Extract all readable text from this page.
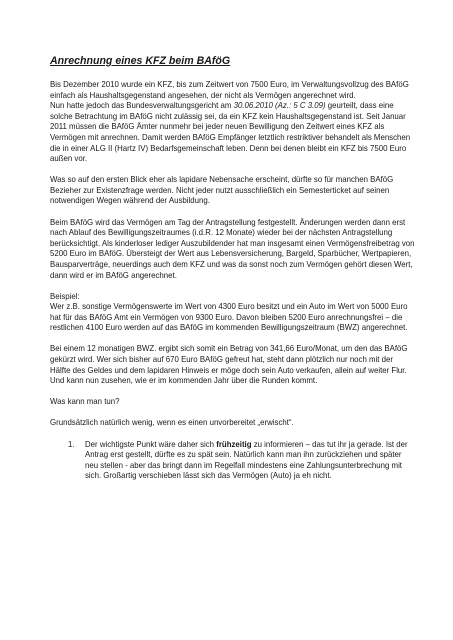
Anrechnung eines KFZ beim BAföG

Bis Dezember 2010 wurde ein KFZ, bis zum Zeitwert von 7500 Euro, im Verwaltungsvollzug des BAföG einfach als Haushaltsgegenstand angesehen, der nicht als Vermögen angerechnet wird.
Nun hatte jedoch das Bundesverwaltungsgericht am 30.06.2010 (Az.: 5 C 3.09) geurteilt, dass eine solche Betrachtung im BAföG nicht zulässig sei, da ein KFZ kein Haushaltsgegenstand ist. Seit Januar 2011 müssen die BAföG Ämter nunmehr bei jeder neuen Bewilligung den Zeitwert eines KFZ als Vermögen mit anrechnen. Damit werden BAföG Empfänger letztlich restriktiver behandelt als Menschen die in einer ALG II (Hartz IV) Bedarfsgemeinschaft leben. Denn bei denen bleibt ein KFZ bis 7500 Euro außen vor.

Was so auf den ersten Blick eher als lapidare Nebensache erscheint, dürfte so für manchen BAföG Bezieher zur Existenzfrage werden. Nicht jeder nutzt ausschließlich ein Semesterticket auf seinen notwendigen Wegen während der Ausbildung.

Beim BAföG wird das Vermögen am Tag der Antragstellung festgestellt. Änderungen werden dann erst nach Ablauf des Bewilligungszeitraumes (i.d.R. 12 Monate) wieder bei der nächsten Antragstellung berücksichtigt. Als kinderloser lediger Auszubildender hat man insgesamt einen Vermögensfreibetrag von 5200 Euro im BAföG. Übersteigt der Wert aus Lebensversicherung, Bargeld, Sparbücher, Wertpapieren, Bausparverträge, neuerdings auch dem KFZ und was da sonst noch zum Vermögen gehört diesen Wert, dann wird er im BAföG angerechnet.

Beispiel:
Wer z.B. sonstige Vermögenswerte im Wert von 4300 Euro besitzt und ein Auto im Wert von 5000 Euro hat für das BAföG Amt ein Vermögen von 9300 Euro. Davon bleiben 5200 Euro anrechnungsfrei – die restlichen 4100 Euro werden auf das BAföG im kommenden Bewilligungszeitraum (BWZ) angerechnet.

Bei einem 12 monatigen BWZ. ergibt sich somit ein Betrag von 341,66 Euro/Monat, um den das BAföG gekürzt wird. Wer sich bisher auf 670 Euro BAföG gefreut hat, steht dann plötzlich nur noch mit der Hälfte des Geldes und dem lapidaren Hinweis er möge doch sein Auto verkaufen, allein auf weiter Flur. Und kann nun zusehen, wie er im kommenden Jahr über die Runden kommt.

Was kann man tun?

Grundsätzlich natürlich wenig, wenn es einen unvorbereitet „erwischt“.

1. Der wichtigste Punkt wäre daher sich frühzeitig zu informieren – das tut ihr ja gerade. Ist der Antrag erst gestellt, dürfte es zu spät sein. Natürlich kann man ihn zurückziehen und später neu stellen - aber das bringt dann im Regelfall mindestens eine Zahlungsunterbrechung mit sich. Großartig verschieben lässt sich das Vermögen (Auto) ja eh nicht.
